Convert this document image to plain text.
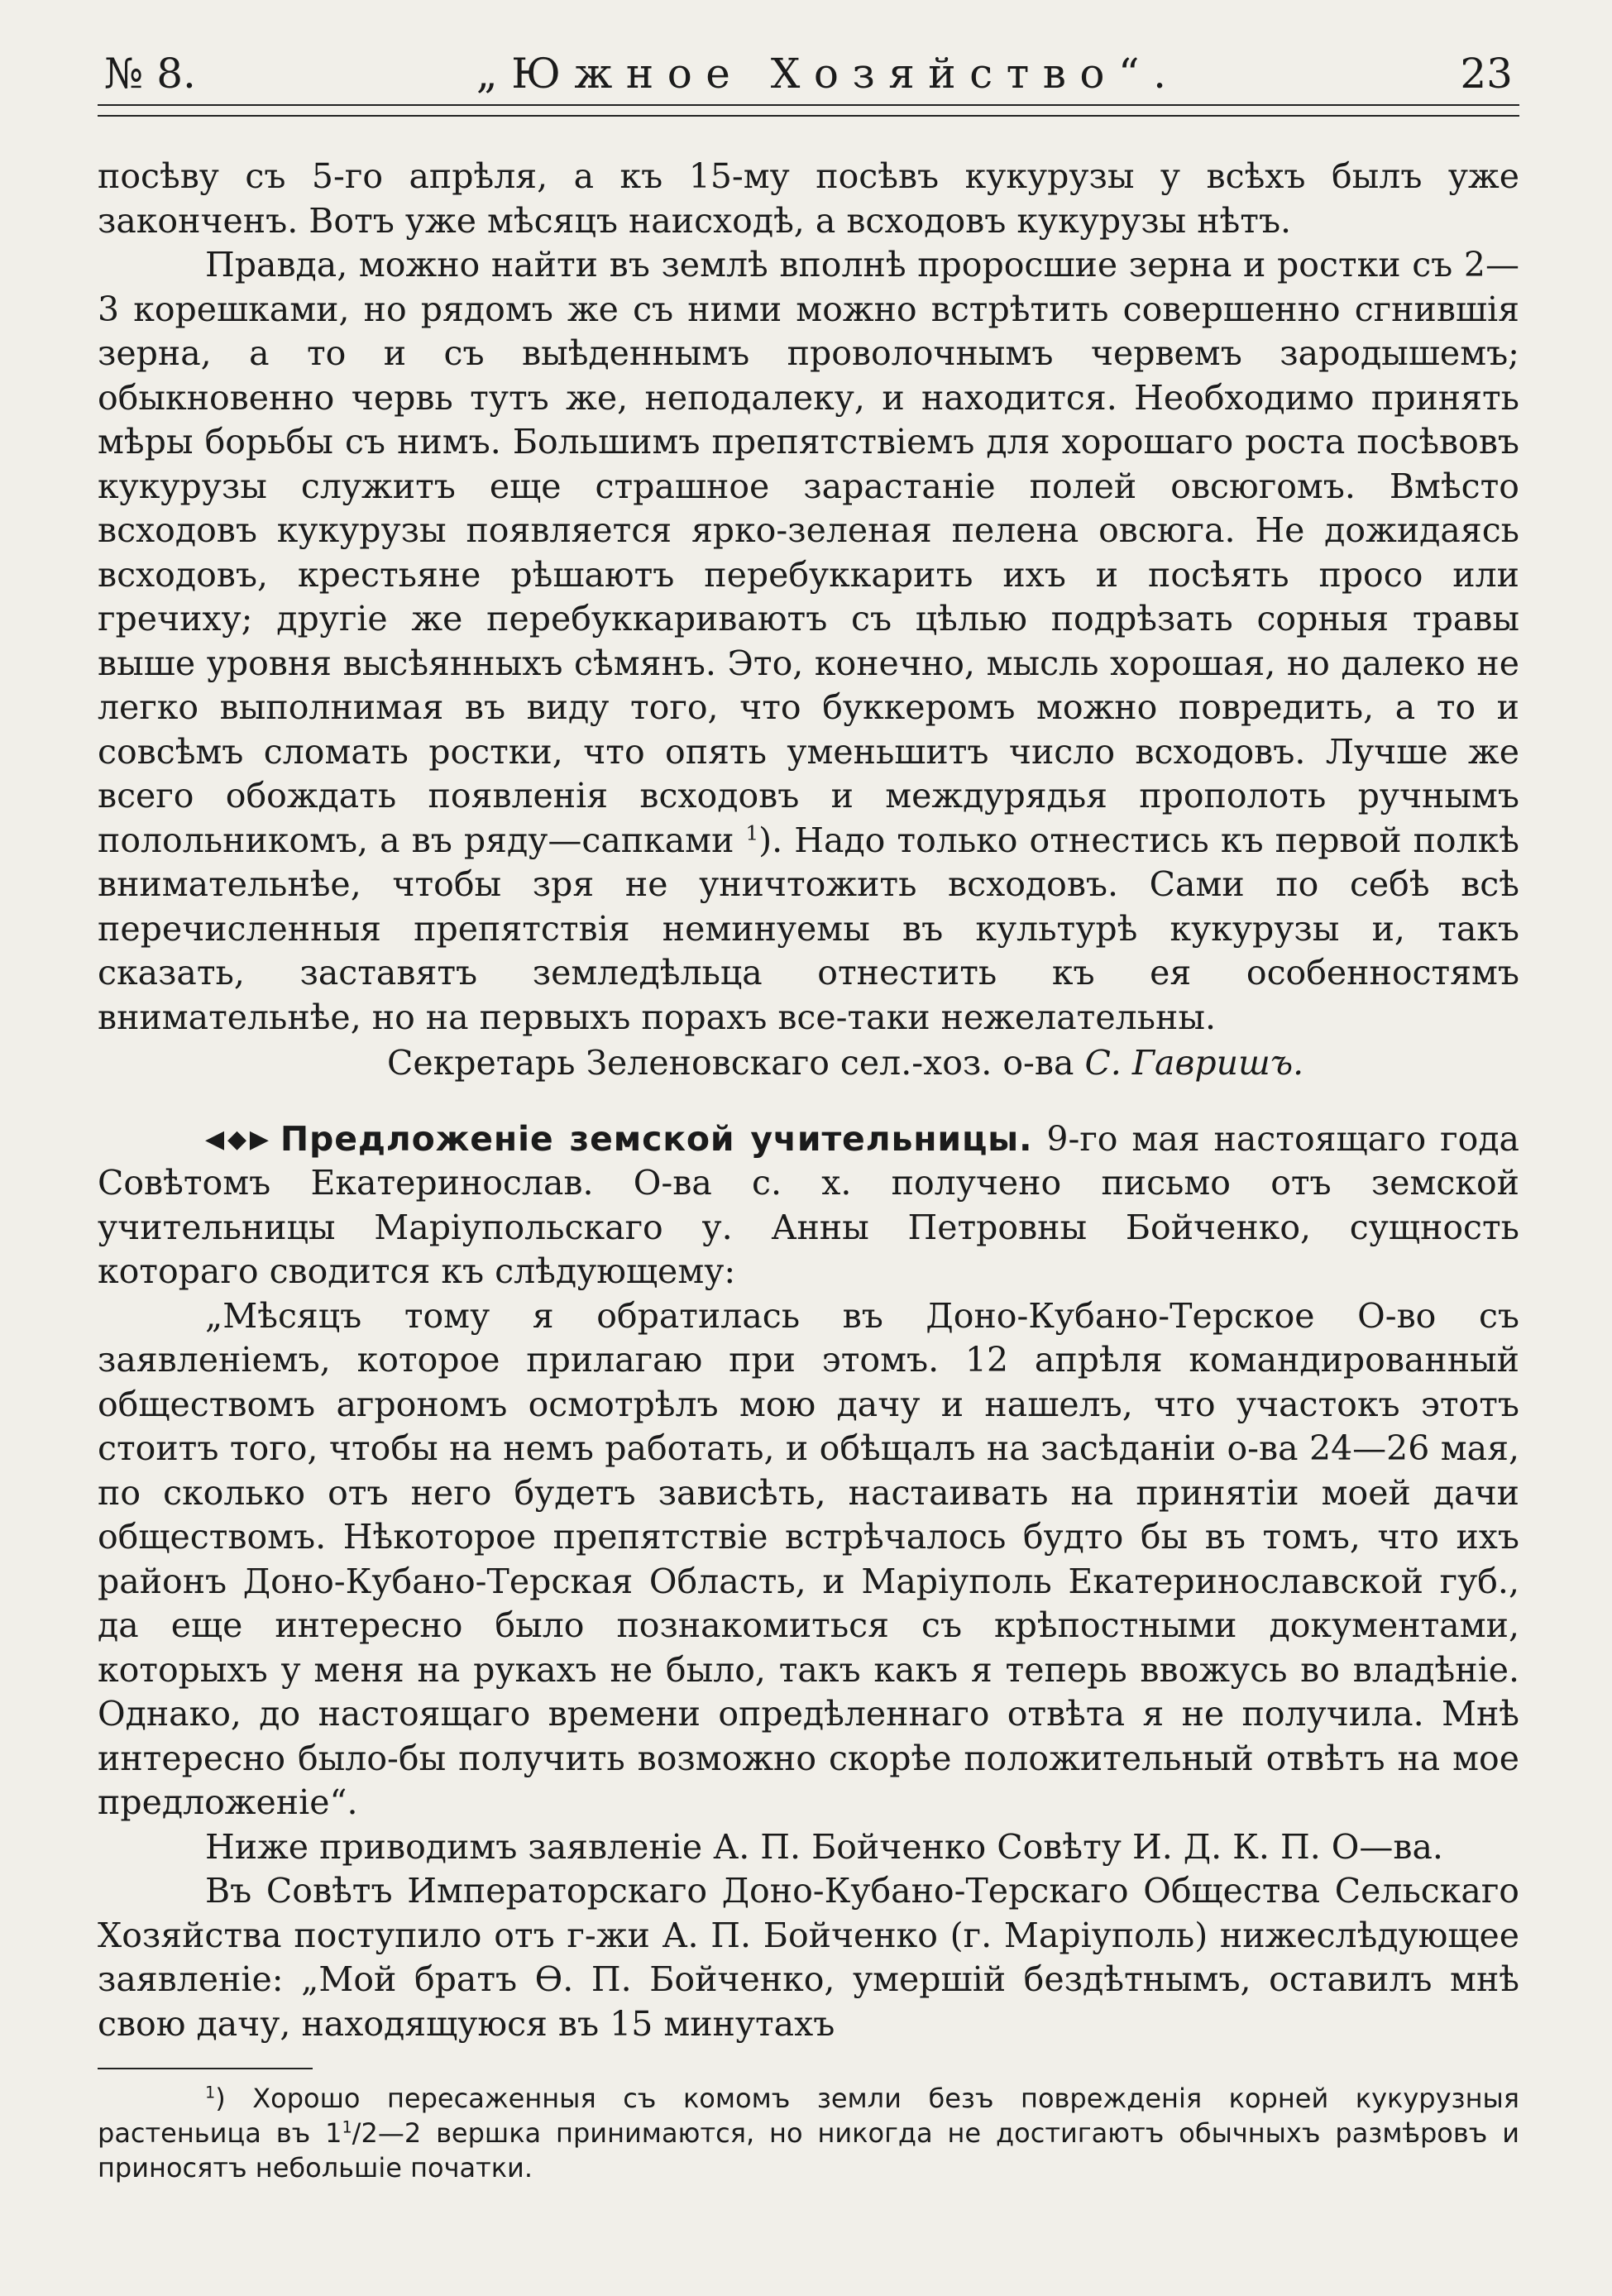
№ 8.	„Южное Хозяйство“.	23

посѣву съ 5-го апрѣля, а къ 15-му посѣвъ кукурузы у всѣхъ былъ уже законченъ. Вотъ уже мѣсяцъ наисходѣ, а всходовъ кукурузы нѣтъ.

Правда, можно найти въ землѣ вполнѣ проросшие зерна и ростки съ 2—3 корешками, но рядомъ же съ ними можно встрѣтить совершенно сгнившія зерна, а то и съ выѣденнымъ проволочнымъ червемъ зародышемъ; обыкновенно червь тутъ же, неподалеку, и находится. Необходимо принять мѣры борьбы съ нимъ. Большимъ препятствіемъ для хорошаго роста посѣвовъ кукурузы служитъ еще страшное зарастаніе полей овсюгомъ. Вмѣсто всходовъ кукурузы появляется ярко-зеленая пелена овсюга. Не дожидаясь всходовъ, крестьяне рѣшаютъ перебуккарить ихъ и посѣять просо или гречиху; другіе же перебуккариваютъ съ цѣлью подрѣзать сорныя травы выше уровня высѣянныхъ сѣмянъ. Это, конечно, мысль хорошая, но далеко не легко выполнимая въ виду того, что буккеромъ можно повредить, а то и совсѣмъ сломать ростки, что опять уменьшитъ число всходовъ. Лучше же всего обождать появленія всходовъ и междурядья прополоть ручнымъ полольникомъ, а въ ряду—сапками $^1$). Надо только отнестись къ первой полкѣ внимательнѣе, чтобы зря не уничтожить всходовъ. Сами по себѣ всѣ перечисленныя препятствія неминуемы въ культурѣ кукурузы и, такъ сказать, заставятъ земледѣльца отнестить къ ея особенностямъ внимательнѣе, но на первыхъ порахъ все-таки нежелательны.

Секретарь Зеленовскаго сел.-хоз. о-ва С. Гавришъ.

◀◆▶ Предложеніе земской учительницы. 9-го мая настоящаго года Совѣтомъ Екатеринослав. О-ва с. х. получено письмо отъ земской учительницы Маріупольскаго у. Анны Петровны Бойченко, сущность котораго сводится къ слѣдующему:

„Мѣсяцъ тому я обратилась въ Доно-Кубано-Терское О-во съ заявленіемъ, которое прилагаю при этомъ. 12 апрѣля командированный обществомъ агрономъ осмотрѣлъ мою дачу и нашелъ, что участокъ этотъ стоитъ того, чтобы на немъ работать, и обѣщалъ на засѣданіи о-ва 24—26 мая, по сколько отъ него будетъ зависѣть, настаивать на принятіи моей дачи обществомъ. Нѣкоторое препятствіе встрѣчалось будто бы въ томъ, что ихъ районъ Доно-Кубано-Терская Область, и Маріуполь Екатеринославской губ., да еще интересно было познакомиться съ крѣпостными документами, которыхъ у меня на рукахъ не было, такъ какъ я теперь ввожусь во владѣніе. Однако, до настоящаго времени опредѣленнаго отвѣта я не получила. Мнѣ интересно было-бы получить возможно скорѣе положительный отвѣтъ на мое предложеніе“.

Ниже приводимъ заявленіе А. П. Бойченко Совѣту И. Д. К. П. О—ва.

Въ Совѣтъ Императорскаго Доно-Кубано-Терскаго Общества Сельскаго Хозяйства поступило отъ г-жи А. П. Бойченко (г. Маріуполь) нижеслѣдующее заявленіе: „Мой братъ Ѳ. П. Бойченко, умершій бездѣтнымъ, оставилъ мнѣ свою дачу, находящуюся въ 15 минутахъ

$^1$) Хорошо пересаженныя съ комомъ земли безъ поврежденія корней кукурузныя растеньица въ $1^1/2—2$ вершка принимаются, но никогда не достигаютъ обычныхъ размѣровъ и приносятъ небольшіе початки.
